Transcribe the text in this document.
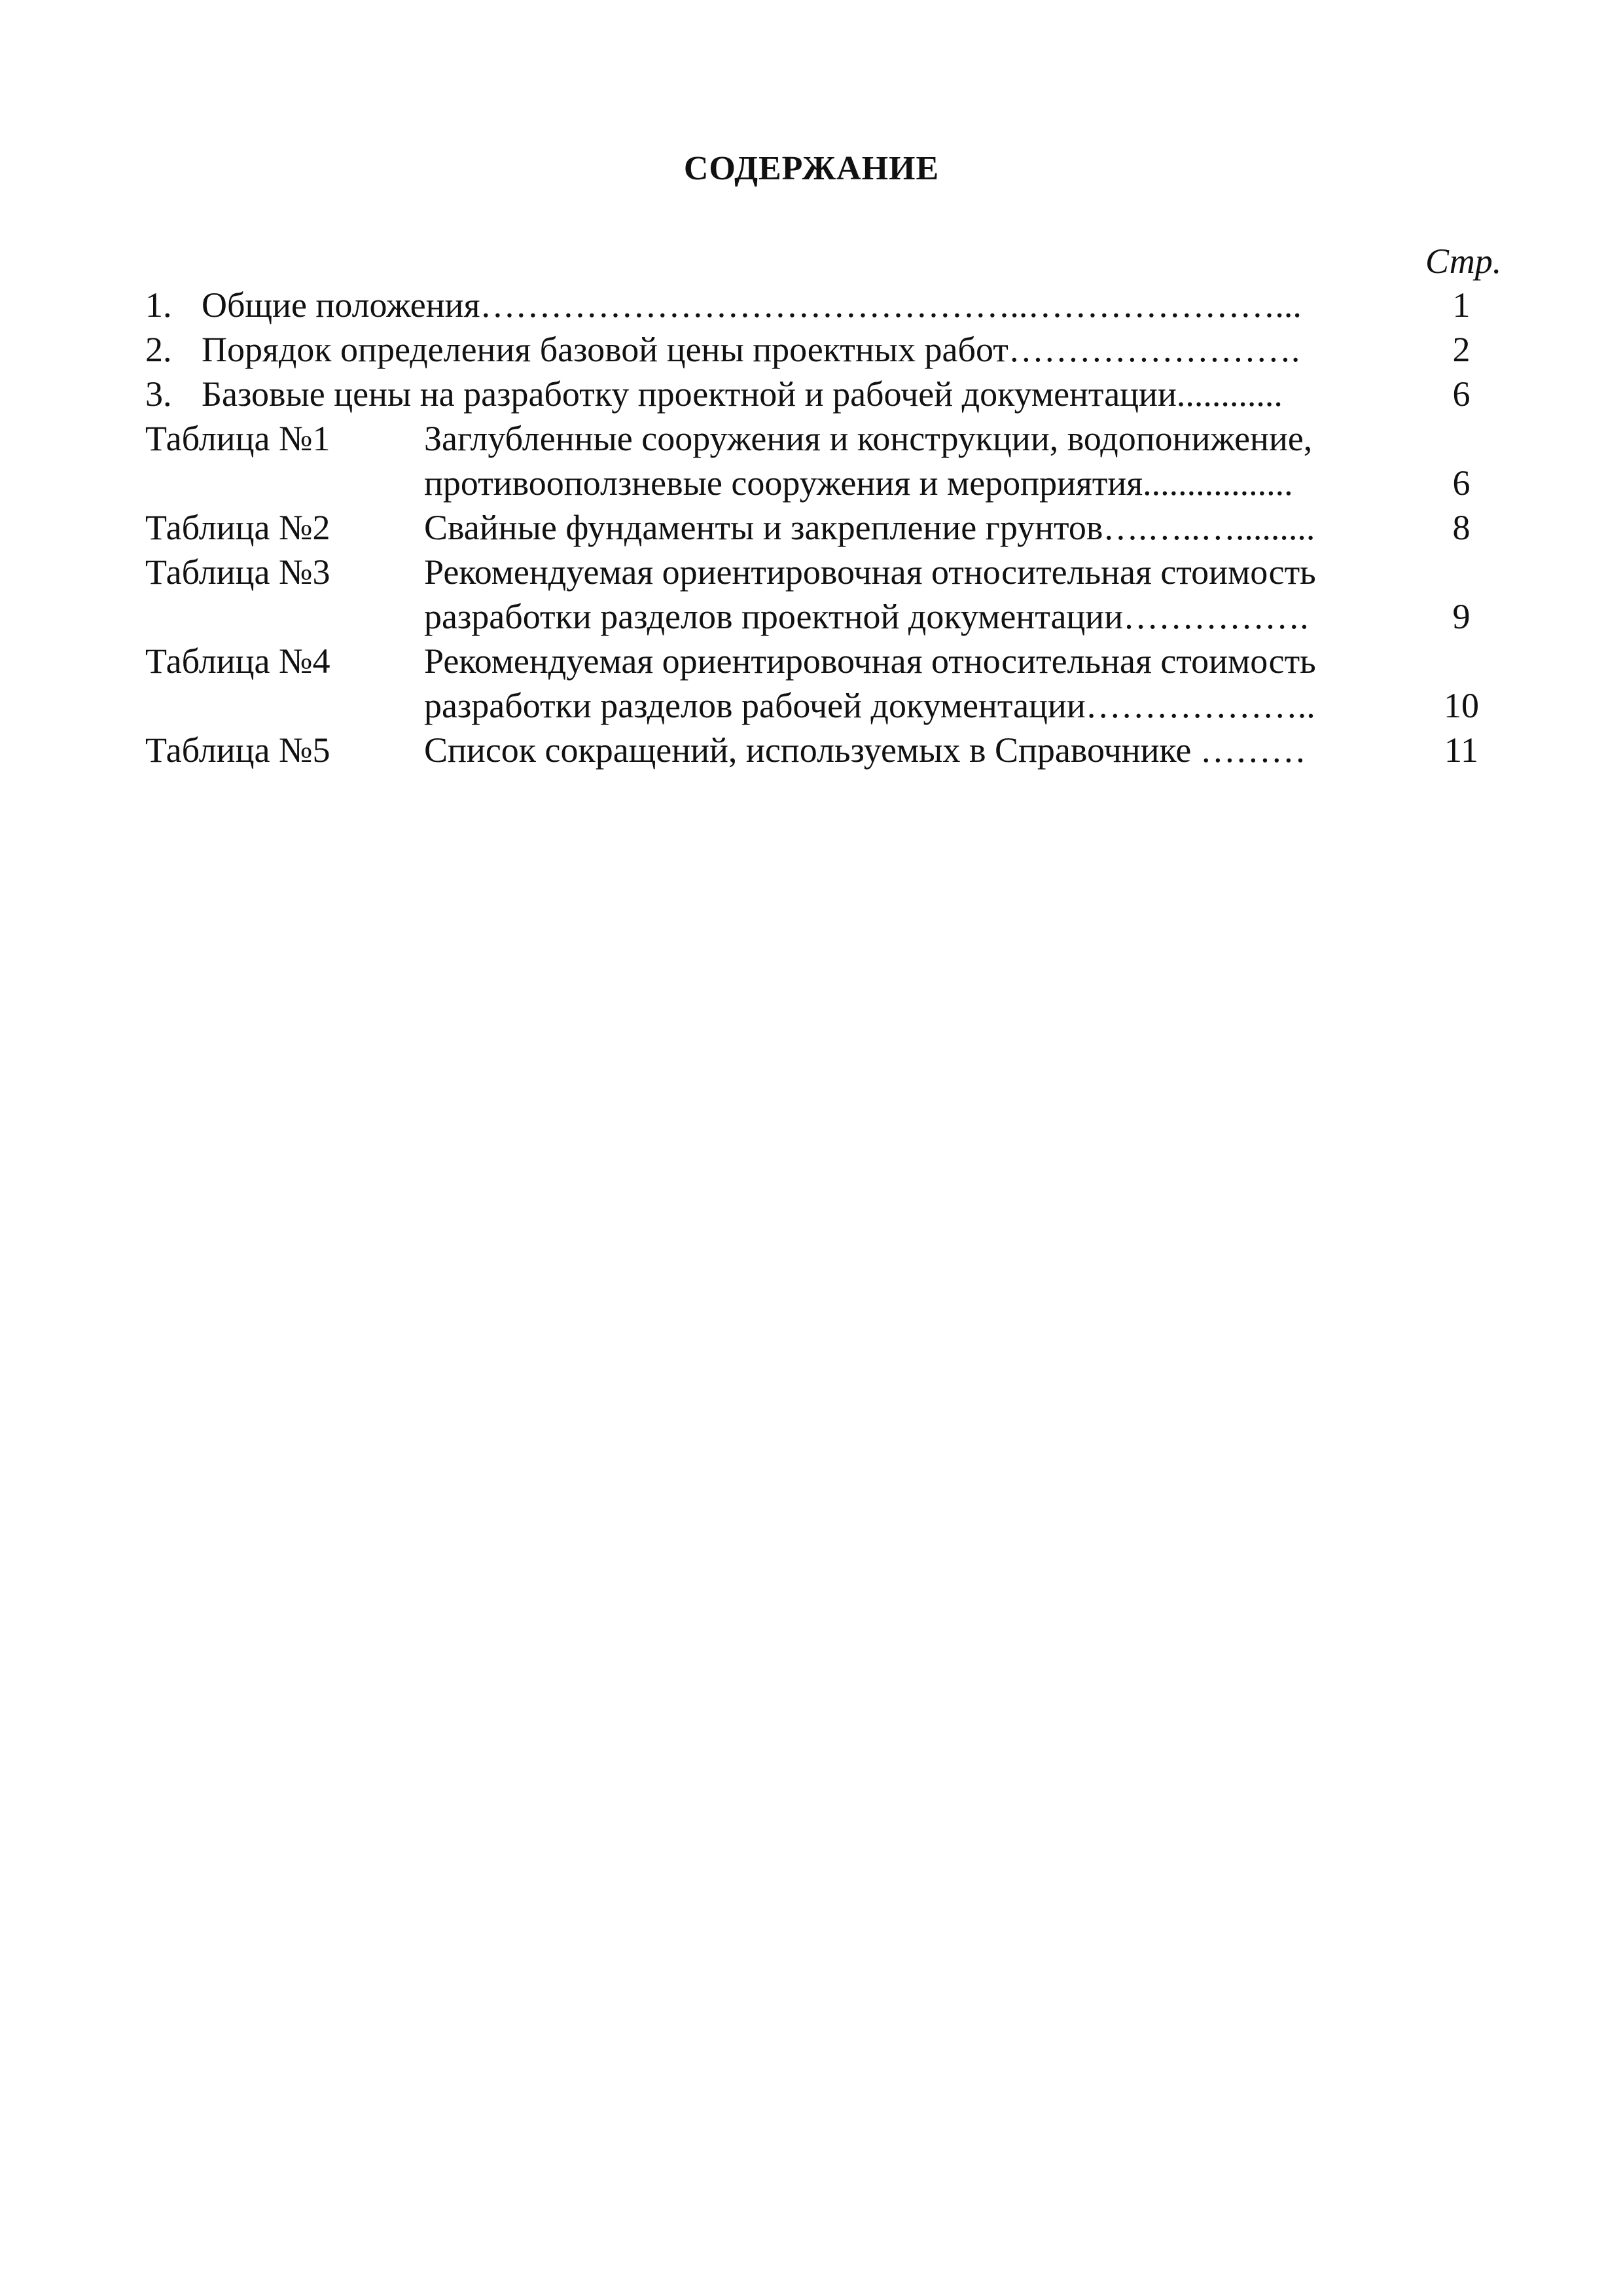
СОДЕРЖАНИЕ
Стр.
1. Общие положения………………………………………..…………………...	1
2. Порядок определения базовой цены проектных работ…………………….	2
3. Базовые цены на разработку проектной и рабочей документации............	6
Таблица №1	Заглубленные сооружения и конструкции, водопонижение,
противооползневые сооружения и мероприятия.................	6
Таблица №2	Свайные фундаменты и закрепление грунтов….…..….........	8
Таблица №3	Рекомендуемая ориентировочная относительная стоимость
разработки разделов проектной документации…………….	9
Таблица №4	Рекомендуемая ориентировочная относительная стоимость
разработки разделов рабочей документации………………..	10
Таблица №5	Список сокращений, используемых в Справочнике ………	11
